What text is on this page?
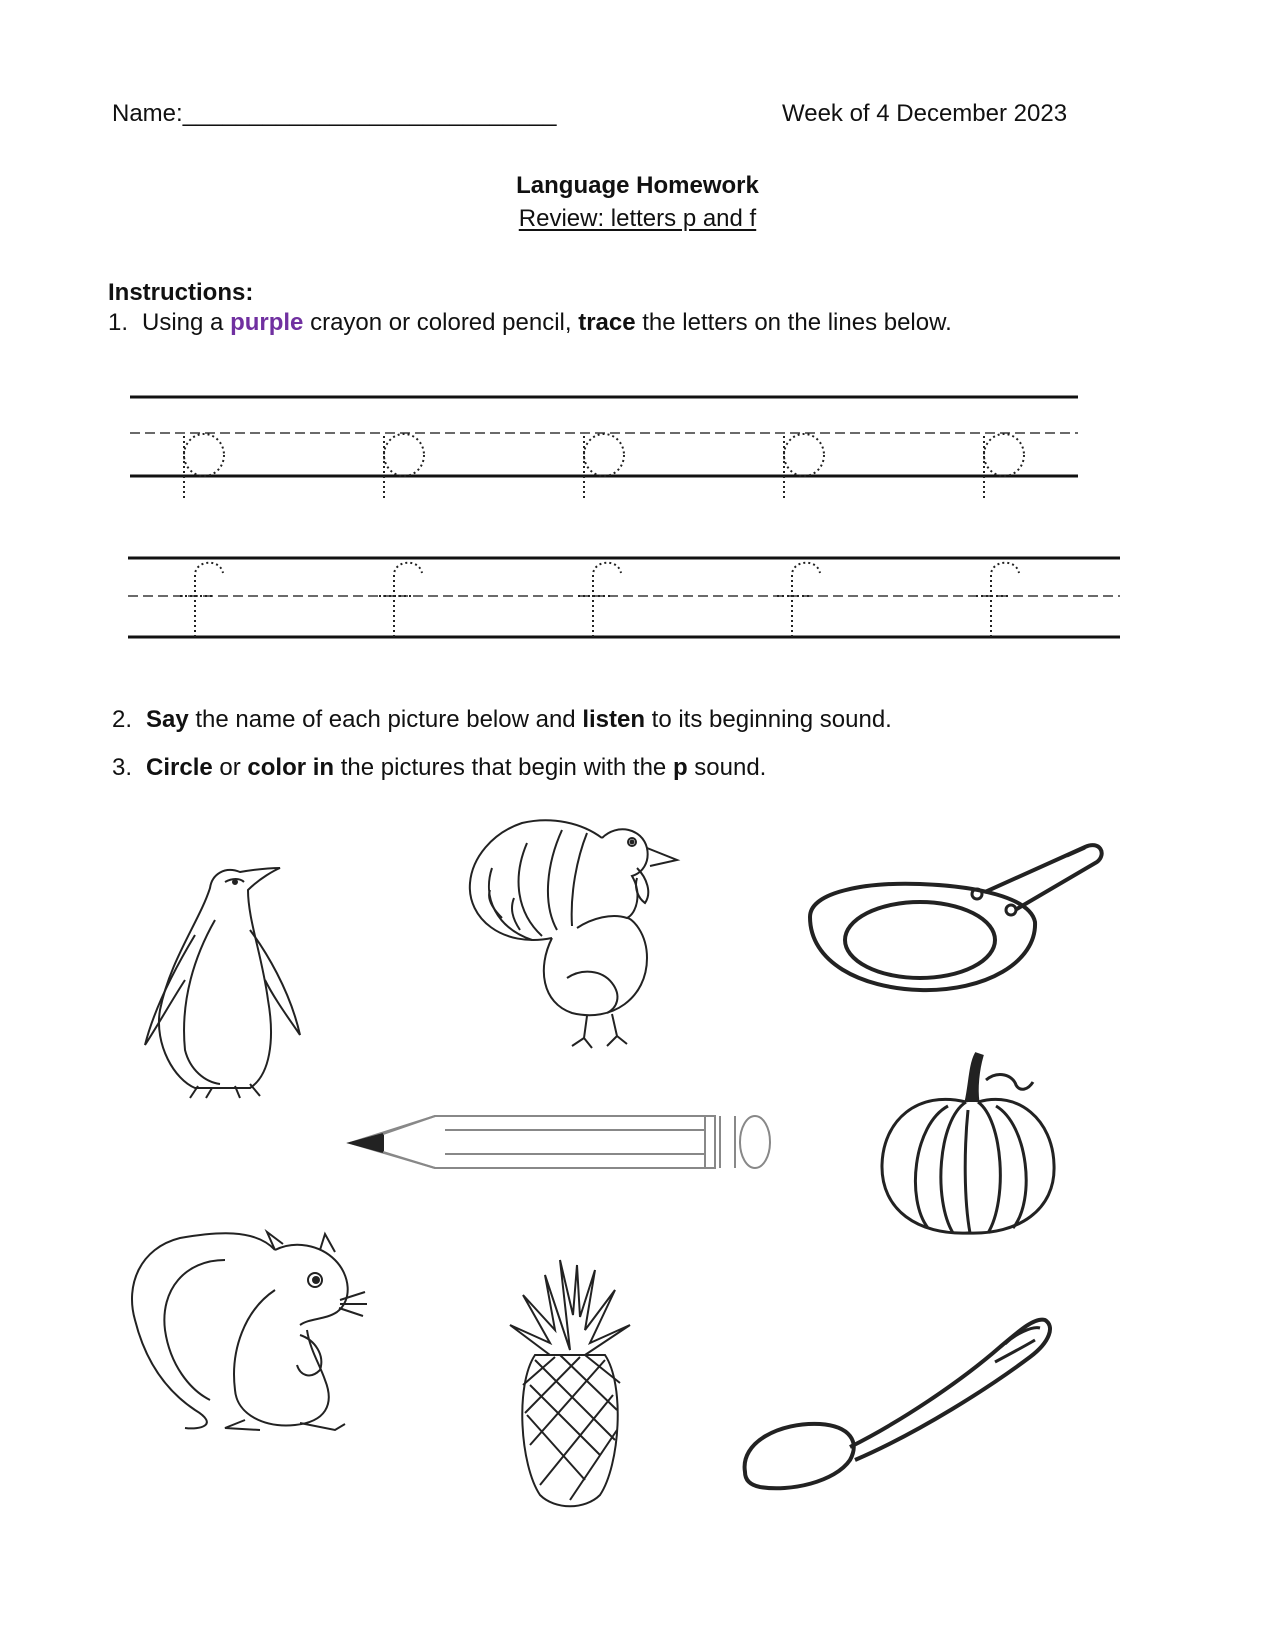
Name:____________________________	Week of 4 December 2023
Language Homework
Review: letters p and f
Instructions:
1. Using a purple crayon or colored pencil, trace the letters on the lines below.
2. Say the name of each picture below and listen to its beginning sound.
3. Circle or color in the pictures that begin with the p sound.
